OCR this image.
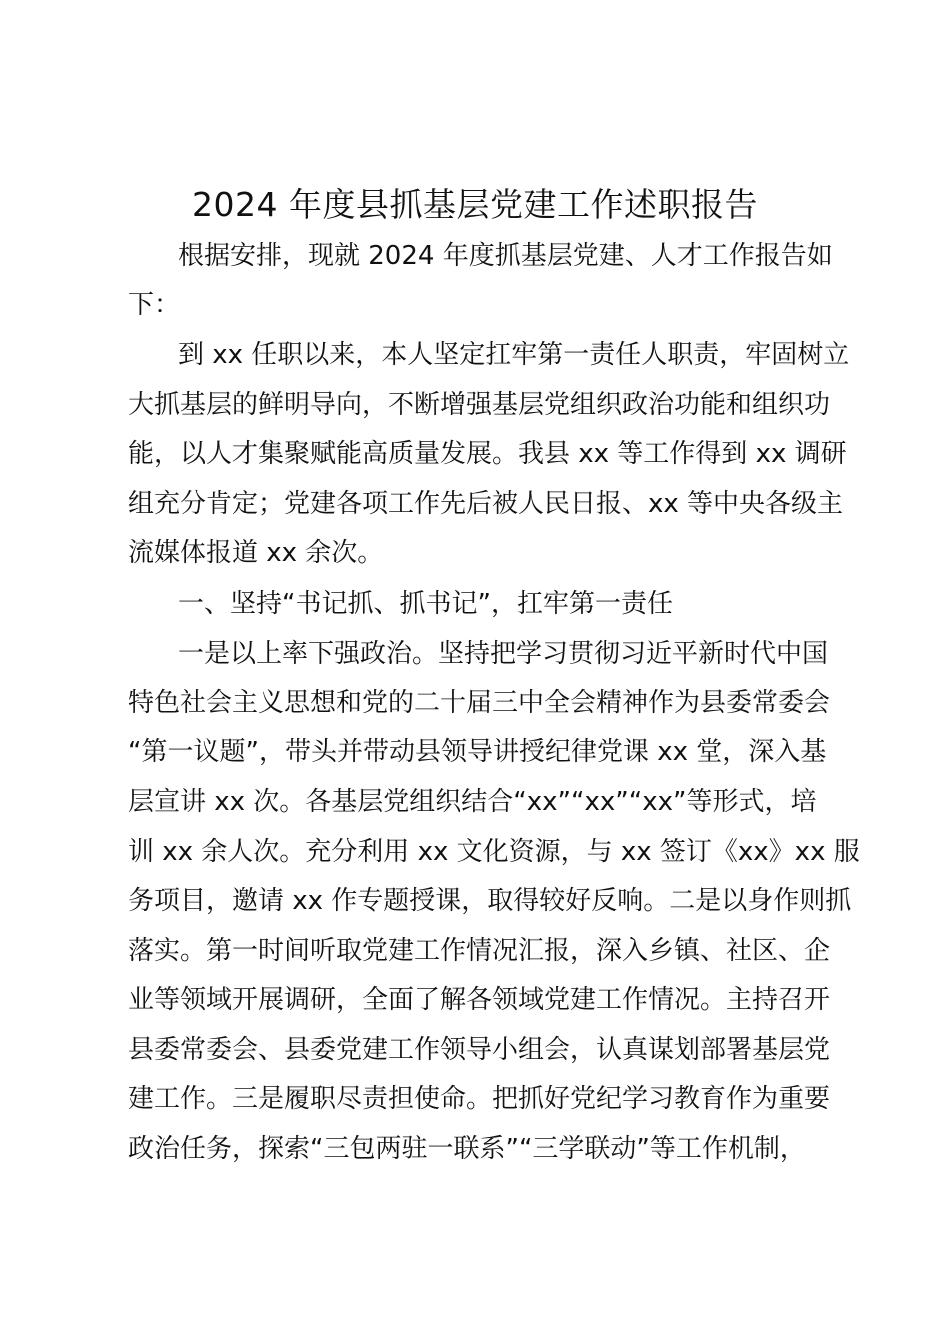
2024 年度县抓基层党建工作述职报告
根据安排，现就 2024 年度抓基层党建、人才工作报告如
下：
到 xx 任职以来，本人坚定扛牢第一责任人职责，牢固树立
大抓基层的鲜明导向，不断增强基层党组织政治功能和组织功
能，以人才集聚赋能高质量发展。我县 xx 等工作得到 xx 调研
组充分肯定；党建各项工作先后被人民日报、xx 等中央各级主
流媒体报道 xx 余次。
一、坚持“书记抓、抓书记”，扛牢第一责任
一是以上率下强政治。坚持把学习贯彻习近平新时代中国
特色社会主义思想和党的二十届三中全会精神作为县委常委会
“第一议题”，带头并带动县领导讲授纪律党课 xx 堂，深入基
层宣讲 xx 次。各基层党组织结合“xx”“xx”“xx”等形式，培
训 xx 余人次。充分利用 xx 文化资源，与 xx 签订《xx》xx 服
务项目，邀请 xx 作专题授课，取得较好反响。二是以身作则抓
落实。第一时间听取党建工作情况汇报，深入乡镇、社区、企
业等领域开展调研，全面了解各领域党建工作情况。主持召开
县委常委会、县委党建工作领导小组会，认真谋划部署基层党
建工作。三是履职尽责担使命。把抓好党纪学习教育作为重要
政治任务，探索“三包两驻一联系”“三学联动”等工作机制，
